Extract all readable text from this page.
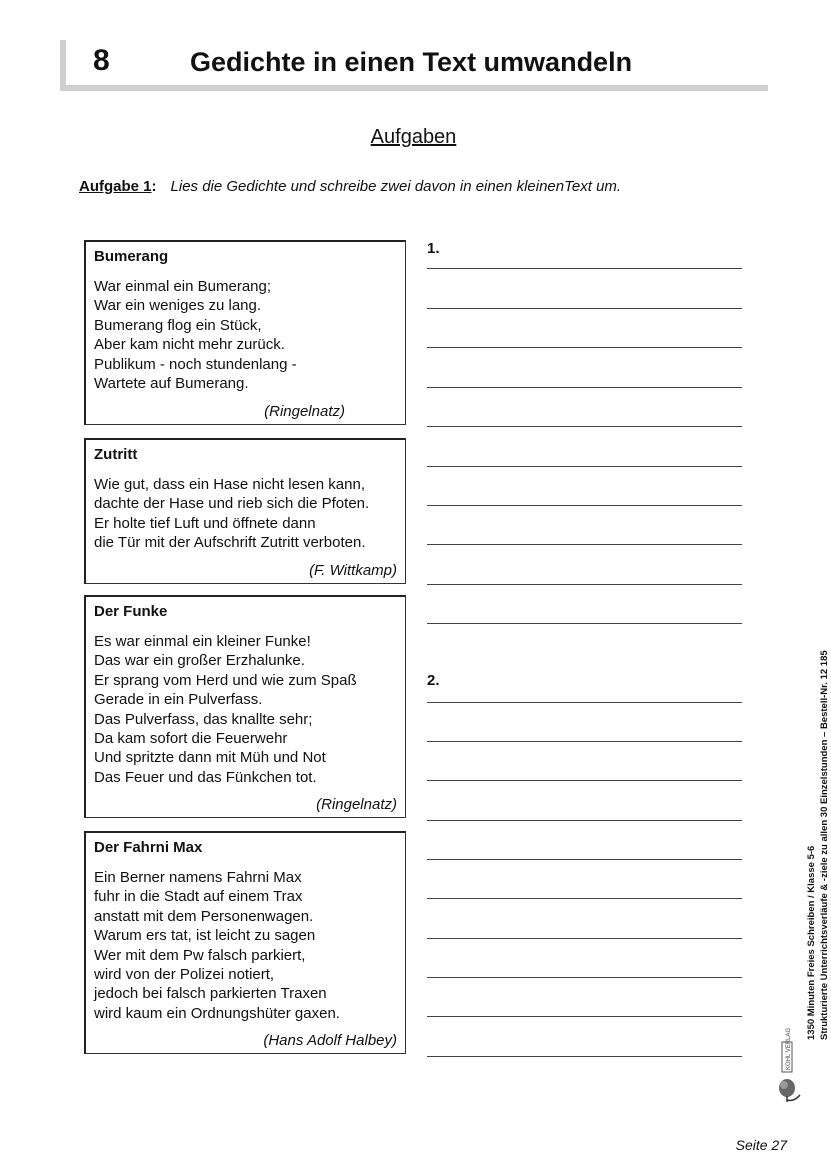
8	Gedichte in einen Text umwandeln
Aufgaben
Aufgabe 1: Lies die Gedichte und schreibe zwei davon in einen kleinenText um.
Bumerang
War einmal ein Bumerang;
War ein weniges zu lang.
Bumerang flog ein Stück,
Aber kam nicht mehr zurück.
Publikum - noch stundenlang -
Wartete auf Bumerang.
(Ringelnatz)
Zutritt
Wie gut, dass ein Hase nicht lesen kann,
dachte der Hase und rieb sich die Pfoten.
Er holte tief Luft und öffnete dann
die Tür mit der Aufschrift Zutritt verboten.
(F. Wittkamp)
Der Funke
Es war einmal ein kleiner Funke!
Das war ein großer Erzhalunke.
Er sprang vom Herd und wie zum Spaß
Gerade in ein Pulverfass.
Das Pulverfass, das knallte sehr;
Da kam sofort die Feuerwehr
Und spritzte dann mit Müh und Not
Das Feuer und das Fünkchen tot.
(Ringelnatz)
Der Fahrni Max
Ein Berner namens Fahrni Max
fuhr in die Stadt auf einem Trax
anstatt mit dem Personenwagen.
Warum ers tat, ist leicht zu sagen
Wer mit dem Pw falsch parkiert,
wird von der Polizei notiert,
jedoch bei falsch parkierten Traxen
wird kaum ein Ordnungshüter gaxen.
(Hans Adolf Halbey)
1.
2.
1350 Minuten Freies Schreiben / Klasse 5-6 Strukturierte Unterrichtsverläufe & -ziele zu allen 30 Einzelstunden – Bestell-Nr. 12 185
KOHL VERLAG
Seite 27
